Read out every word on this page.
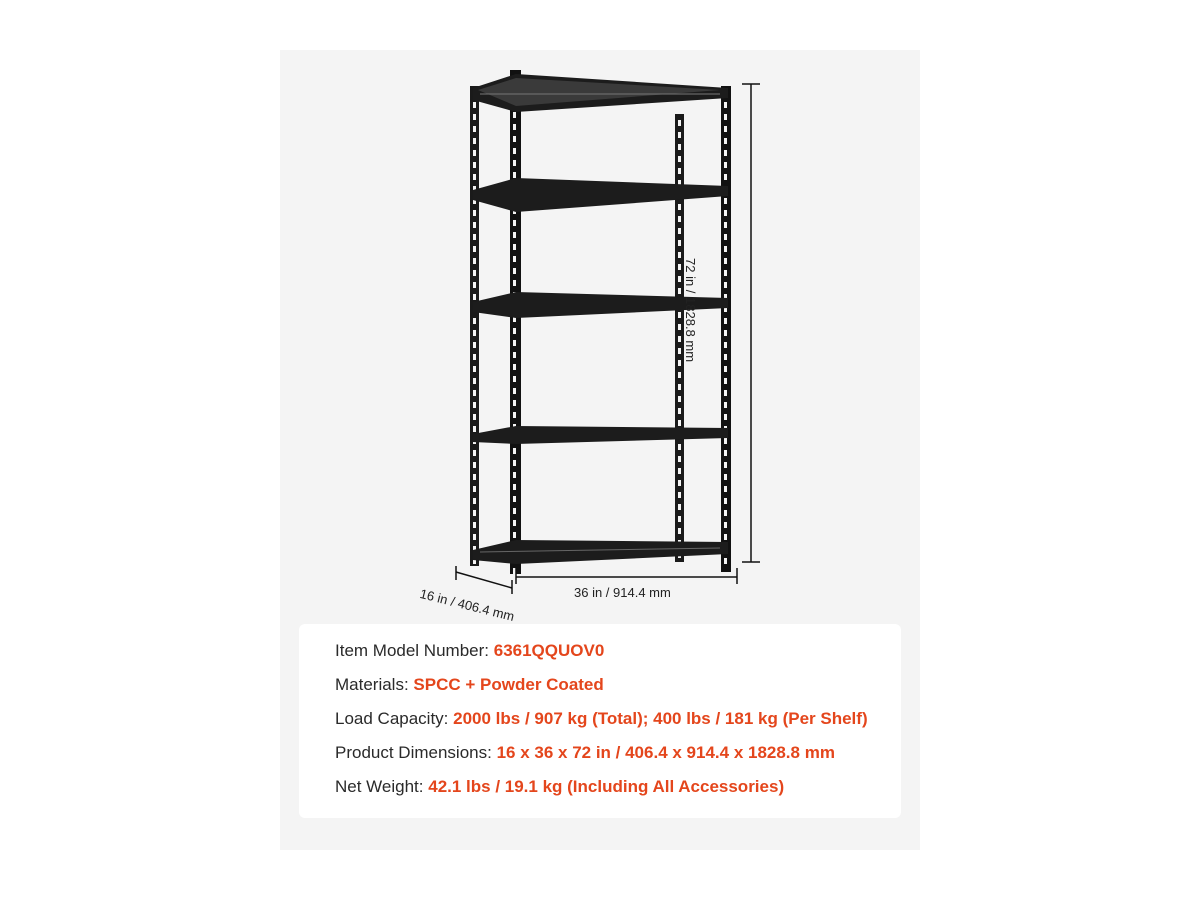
72 in / 1828.8 mm
36 in / 914.4 mm
16 in / 406.4 mm
Item Model Number: 6361QQUOV0
Materials: SPCC + Powder Coated
Load Capacity: 2000 lbs / 907 kg (Total); 400 lbs / 181 kg (Per Shelf)
Product Dimensions: 16 x 36 x 72 in / 406.4 x 914.4 x 1828.8 mm
Net Weight: 42.1 lbs / 19.1 kg (Including All Accessories)
